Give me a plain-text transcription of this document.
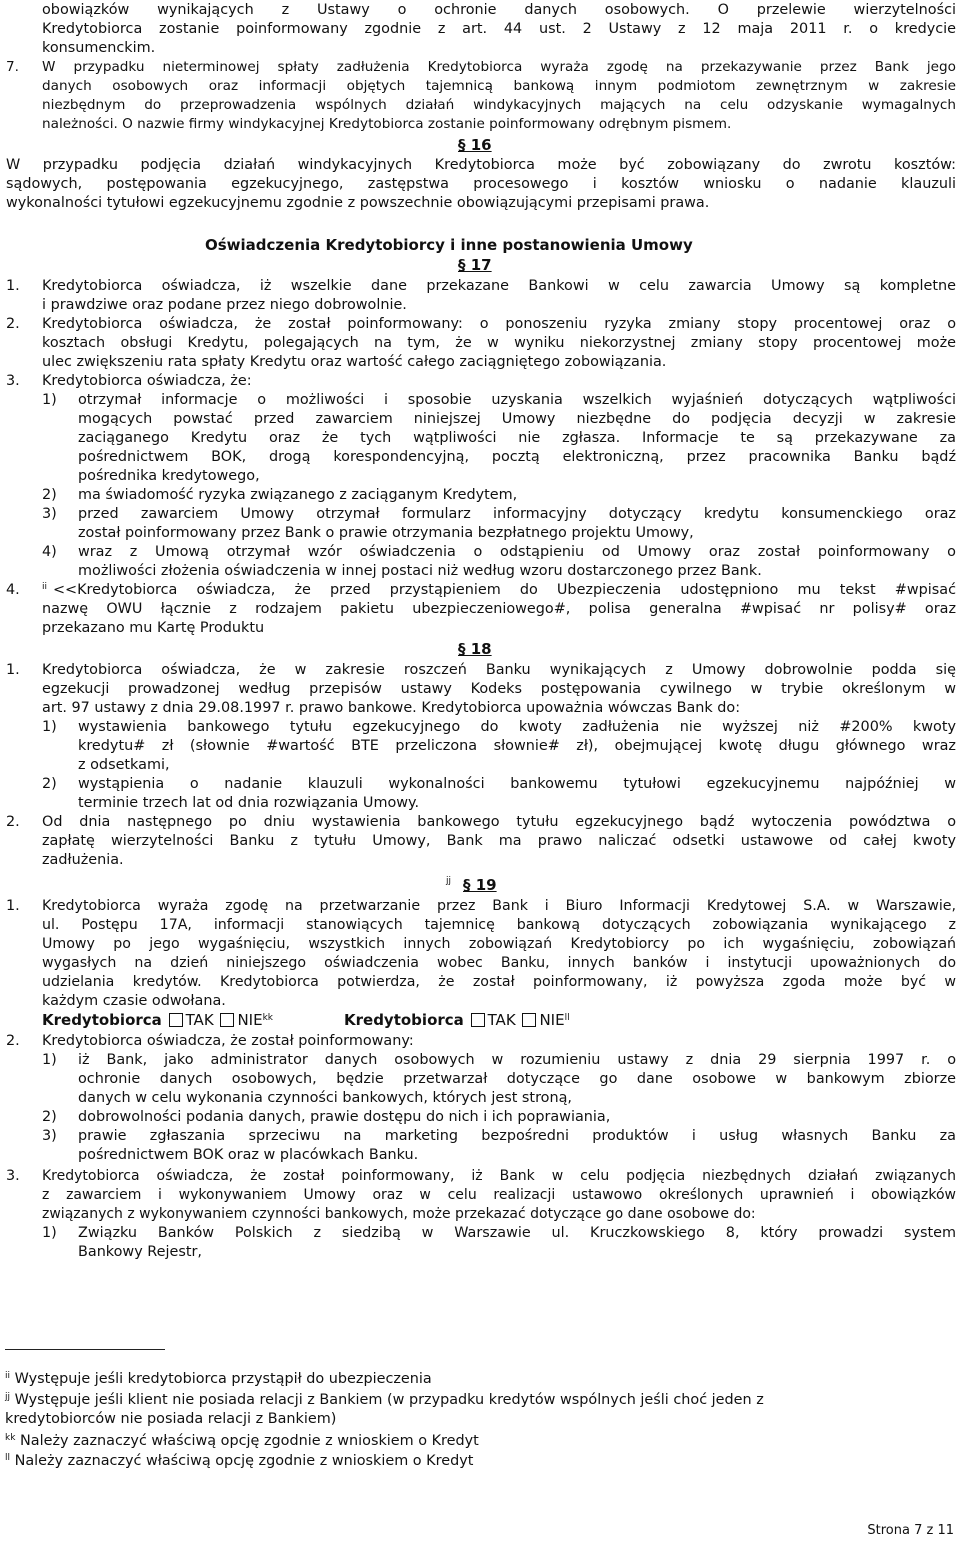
obowiązków wynikających z Ustawy o ochronie danych osobowych. O przelewie wierzytelności
Kredytobiorca zostanie poinformowany zgodnie z art. 44 ust. 2 Ustawy z 12 maja 2011 r. o kredycie
konsumenckim.
7. W przypadku nieterminowej spłaty zadłużenia Kredytobiorca wyraża zgodę na przekazywanie przez Bank jego
danych osobowych oraz informacji objętych tajemnicą bankową innym podmiotom zewnętrznym w zakresie
niezbędnym do przeprowadzenia wspólnych działań windykacyjnych mających na celu odzyskanie wymagalnych
należności. O nazwie firmy windykacyjnej Kredytobiorca zostanie poinformowany odrębnym pismem.
§ 16
W przypadku podjęcia działań windykacyjnych Kredytobiorca może być zobowiązany do zwrotu kosztów:
sądowych, postępowania egzekucyjnego, zastępstwa procesowego i kosztów wniosku o nadanie klauzuli
wykonalności tytułowi egzekucyjnemu zgodnie z powszechnie obowiązującymi przepisami prawa.
Oświadczenia Kredytobiorcy i inne postanowienia Umowy
§ 17
1. Kredytobiorca oświadcza, iż wszelkie dane przekazane Bankowi w celu zawarcia Umowy są kompletne
i prawdziwe oraz podane przez niego dobrowolnie.
2. Kredytobiorca oświadcza, że został poinformowany: o ponoszeniu ryzyka zmiany stopy procentowej oraz o
kosztach obsługi Kredytu, polegających na tym, że w wyniku niekorzystnej zmiany stopy procentowej może
ulec zwiększeniu rata spłaty Kredytu oraz wartość całego zaciągniętego zobowiązania.
3. Kredytobiorca oświadcza, że:
1) otrzymał informacje o możliwości i sposobie uzyskania wszelkich wyjaśnień dotyczących wątpliwości
mogących powstać przed zawarciem niniejszej Umowy niezbędne do podjęcia decyzji w zakresie
zaciąganego Kredytu oraz że tych wątpliwości nie zgłasza. Informacje te są przekazywane za
pośrednictwem BOK, drogą korespondencyjną, pocztą elektroniczną, przez pracownika Banku bądź
pośrednika kredytowego,
2) ma świadomość ryzyka związanego z zaciąganym Kredytem,
3) przed zawarciem Umowy otrzymał formularz informacyjny dotyczący kredytu konsumenckiego oraz
został poinformowany przez Bank o prawie otrzymania bezpłatnego projektu Umowy,
4) wraz z Umową otrzymał wzór oświadczenia o odstąpieniu od Umowy oraz został poinformowany o
możliwości złożenia oświadczenia w innej postaci niż według wzoru dostarczonego przez Bank.
4. $^{ii}$ <<Kredytobiorca oświadcza, że przed przystąpieniem do Ubezpieczenia udostępniono mu tekst #wpisać
nazwę OWU łącznie z rodzajem pakietu ubezpieczeniowego#, polisa generalna #wpisać nr polisy# oraz
przekazano mu Kartę Produktu
§ 18
1. Kredytobiorca oświadcza, że w zakresie roszczeń Banku wynikających z Umowy dobrowolnie podda się
egzekucji prowadzonej według przepisów ustawy Kodeks postępowania cywilnego w trybie określonym w
art. 97 ustawy z dnia 29.08.1997 r. prawo bankowe. Kredytobiorca upoważnia wówczas Bank do:
1) wystawienia bankowego tytułu egzekucyjnego do kwoty zadłużenia nie wyższej niż #200% kwoty
kredytu# zł (słownie #wartość BTE przeliczona słownie# zł), obejmującej kwotę długu głównego wraz
z odsetkami,
2) wystąpienia o nadanie klauzuli wykonalności bankowemu tytułowi egzekucyjnemu najpóźniej w
terminie trzech lat od dnia rozwiązania Umowy.
2. Od dnia następnego po dniu wystawienia bankowego tytułu egzekucyjnego bądź wytoczenia powództwa o
zapłatę wierzytelności Banku z tytułu Umowy, Bank ma prawo naliczać odsetki ustawowe od całej kwoty
zadłużenia.
$^{jj}$ § 19
1. Kredytobiorca wyraża zgodę na przetwarzanie przez Bank i Biuro Informacji Kredytowej S.A. w Warszawie,
ul. Postępu 17A, informacji stanowiących tajemnicę bankową dotyczących zobowiązania wynikającego z
Umowy po jego wygaśnięciu, wszystkich innych zobowiązań Kredytobiorcy po ich wygaśnięciu, zobowiązań
wygasłych na dzień niniejszego oświadczenia wobec Banku, innych banków i instytucji upoważnionych do
udzielania kredytów. Kredytobiorca potwierdza, że został poinformowany, iż powyższa zgoda może być w
każdym czasie odwołana.
Kredytobiorca TAK $NIE^{kk}$	Kredytobiorca TAK $NIE^{ll}$
2. Kredytobiorca oświadcza, że został poinformowany:
1) iż Bank, jako administrator danych osobowych w rozumieniu ustawy z dnia 29 sierpnia 1997 r. o
ochronie danych osobowych, będzie przetwarzał dotyczące go dane osobowe w bankowym zbiorze
danych w celu wykonania czynności bankowych, których jest stroną,
2) dobrowolności podania danych, prawie dostępu do nich i ich poprawiania,
3) prawie zgłaszania sprzeciwu na marketing bezpośredni produktów i usług własnych Banku za
pośrednictwem BOK oraz w placówkach Banku.
3. Kredytobiorca oświadcza, że został poinformowany, iż Bank w celu podjęcia niezbędnych działań związanych
z zawarciem i wykonywaniem Umowy oraz w celu realizacji ustawowo określonych uprawnień i obowiązków
związanych z wykonywaniem czynności bankowych, może przekazać dotyczące go dane osobowe do:
1) Związku Banków Polskich z siedzibą w Warszawie ul. Kruczkowskiego 8, który prowadzi system
Bankowy Rejestr,
$^{ii}$ Występuje jeśli kredytobiorca przystąpił do ubezpieczenia
$^{jj}$ Występuje jeśli klient nie posiada relacji z Bankiem (w przypadku kredytów wspólnych jeśli choć jeden z
kredytobiorców nie posiada relacji z Bankiem)
$^{kk}$ Należy zaznaczyć właściwą opcję zgodnie z wnioskiem o Kredyt
$^{ll}$ Należy zaznaczyć właściwą opcję zgodnie z wnioskiem o Kredyt
Strona 7 z 11
